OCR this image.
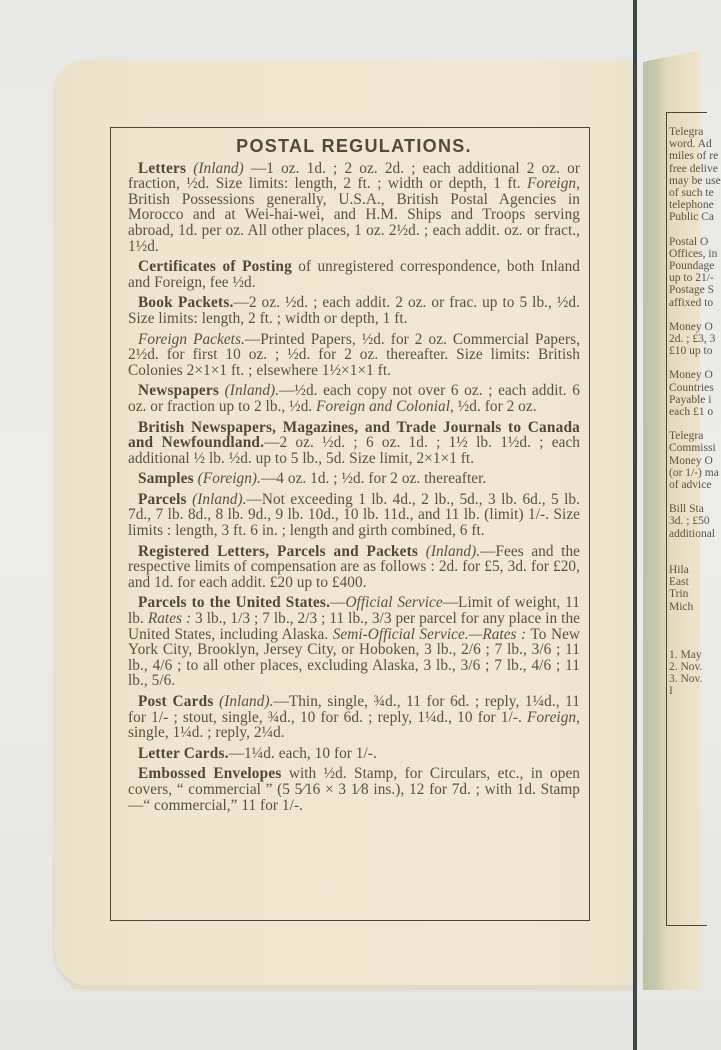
POSTAL REGULATIONS.

Letters (Inland) —1 oz. 1d. ; 2 oz. 2d. ; each additional 2 oz. or fraction, ½d. Size limits: length, 2 ft. ; width or depth, 1 ft. Foreign, British Possessions generally, U.S.A., British Postal Agencies in Morocco and at Wei-hai-wei, and H.M. Ships and Troops serving abroad, 1d. per oz. All other places, 1 oz. 2½d. ; each addit. oz. or fract., 1½d.

Certificates of Posting of unregistered correspondence, both Inland and Foreign, fee ½d.

Book Packets.—2 oz. ½d. ; each addit. 2 oz. or frac. up to 5 lb., ½d. Size limits: length, 2 ft. ; width or depth, 1 ft.

Foreign Packets.—Printed Papers, ½d. for 2 oz. Commercial Papers, 2½d. for first 10 oz. ; ½d. for 2 oz. thereafter. Size limits: British Colonies 2×1×1 ft. ; elsewhere 1½×1×1 ft.

Newspapers (Inland).—½d. each copy not over 6 oz. ; each addit. 6 oz. or fraction up to 2 lb., ½d. Foreign and Colonial, ½d. for 2 oz.

British Newspapers, Magazines, and Trade Journals to Canada and Newfoundland.—2 oz. ½d. ; 6 oz. 1d. ; 1½ lb. 1½d. ; each additional ½ lb. ½d. up to 5 lb., 5d. Size limit, 2×1×1 ft.

Samples (Foreign).—4 oz. 1d. ; ½d. for 2 oz. thereafter.

Parcels (Inland).—Not exceeding 1 lb. 4d., 2 lb., 5d., 3 lb. 6d., 5 lb. 7d., 7 lb. 8d., 8 lb. 9d., 9 lb. 10d., 10 lb. 11d., and 11 lb. (limit) 1/-. Size limits : length, 3 ft. 6 in. ; length and girth combined, 6 ft.

Registered Letters, Parcels and Packets (Inland).—Fees and the respective limits of compensation are as follows : 2d. for £5, 3d. for £20, and 1d. for each addit. £20 up to £400.

Parcels to the United States.—Official Service—Limit of weight, 11 lb. Rates : 3 lb., 1/3 ; 7 lb., 2/3 ; 11 lb., 3/3 per parcel for any place in the United States, including Alaska. Semi-Official Service.—Rates : To New York City, Brooklyn, Jersey City, or Hoboken, 3 lb., 2/6 ; 7 lb., 3/6 ; 11 lb., 4/6 ; to all other places, excluding Alaska, 3 lb., 3/6 ; 7 lb., 4/6 ; 11 lb., 5/6.

Post Cards (Inland).—Thin, single, ¾d., 11 for 6d. ; reply, 1¼d., 11 for 1/- ; stout, single, ¾d., 10 for 6d. ; reply, 1¼d., 10 for 1/-. Foreign, single, 1¼d. ; reply, 2¼d.

Letter Cards.—1¼d. each, 10 for 1/-.

Embossed Envelopes with ½d. Stamp, for Circulars, etc., in open covers, “ commercial ” (5 5⁄16 × 3 1⁄8 ins.), 12 for 7d. ; with 1d. Stamp—“ commercial,” 11 for 1/-.

Telegra
word. Ad
miles of re
free delive
may be use
of such te
telephone
Public Ca
Postal O
Offices, in
Poundage
up to 21/-
Postage S
affixed to
Money O
2d. ; £3, 3
£10 up to
Money O
Countries
Payable i
each £1 o
Telegra
Commissi
Money O
(or 1/-) ma
of advice
Bill Sta
3d. ; £50
additional
Hila
East
Trin
Mich
1. May
2. Nov.
3. Nov.
I
